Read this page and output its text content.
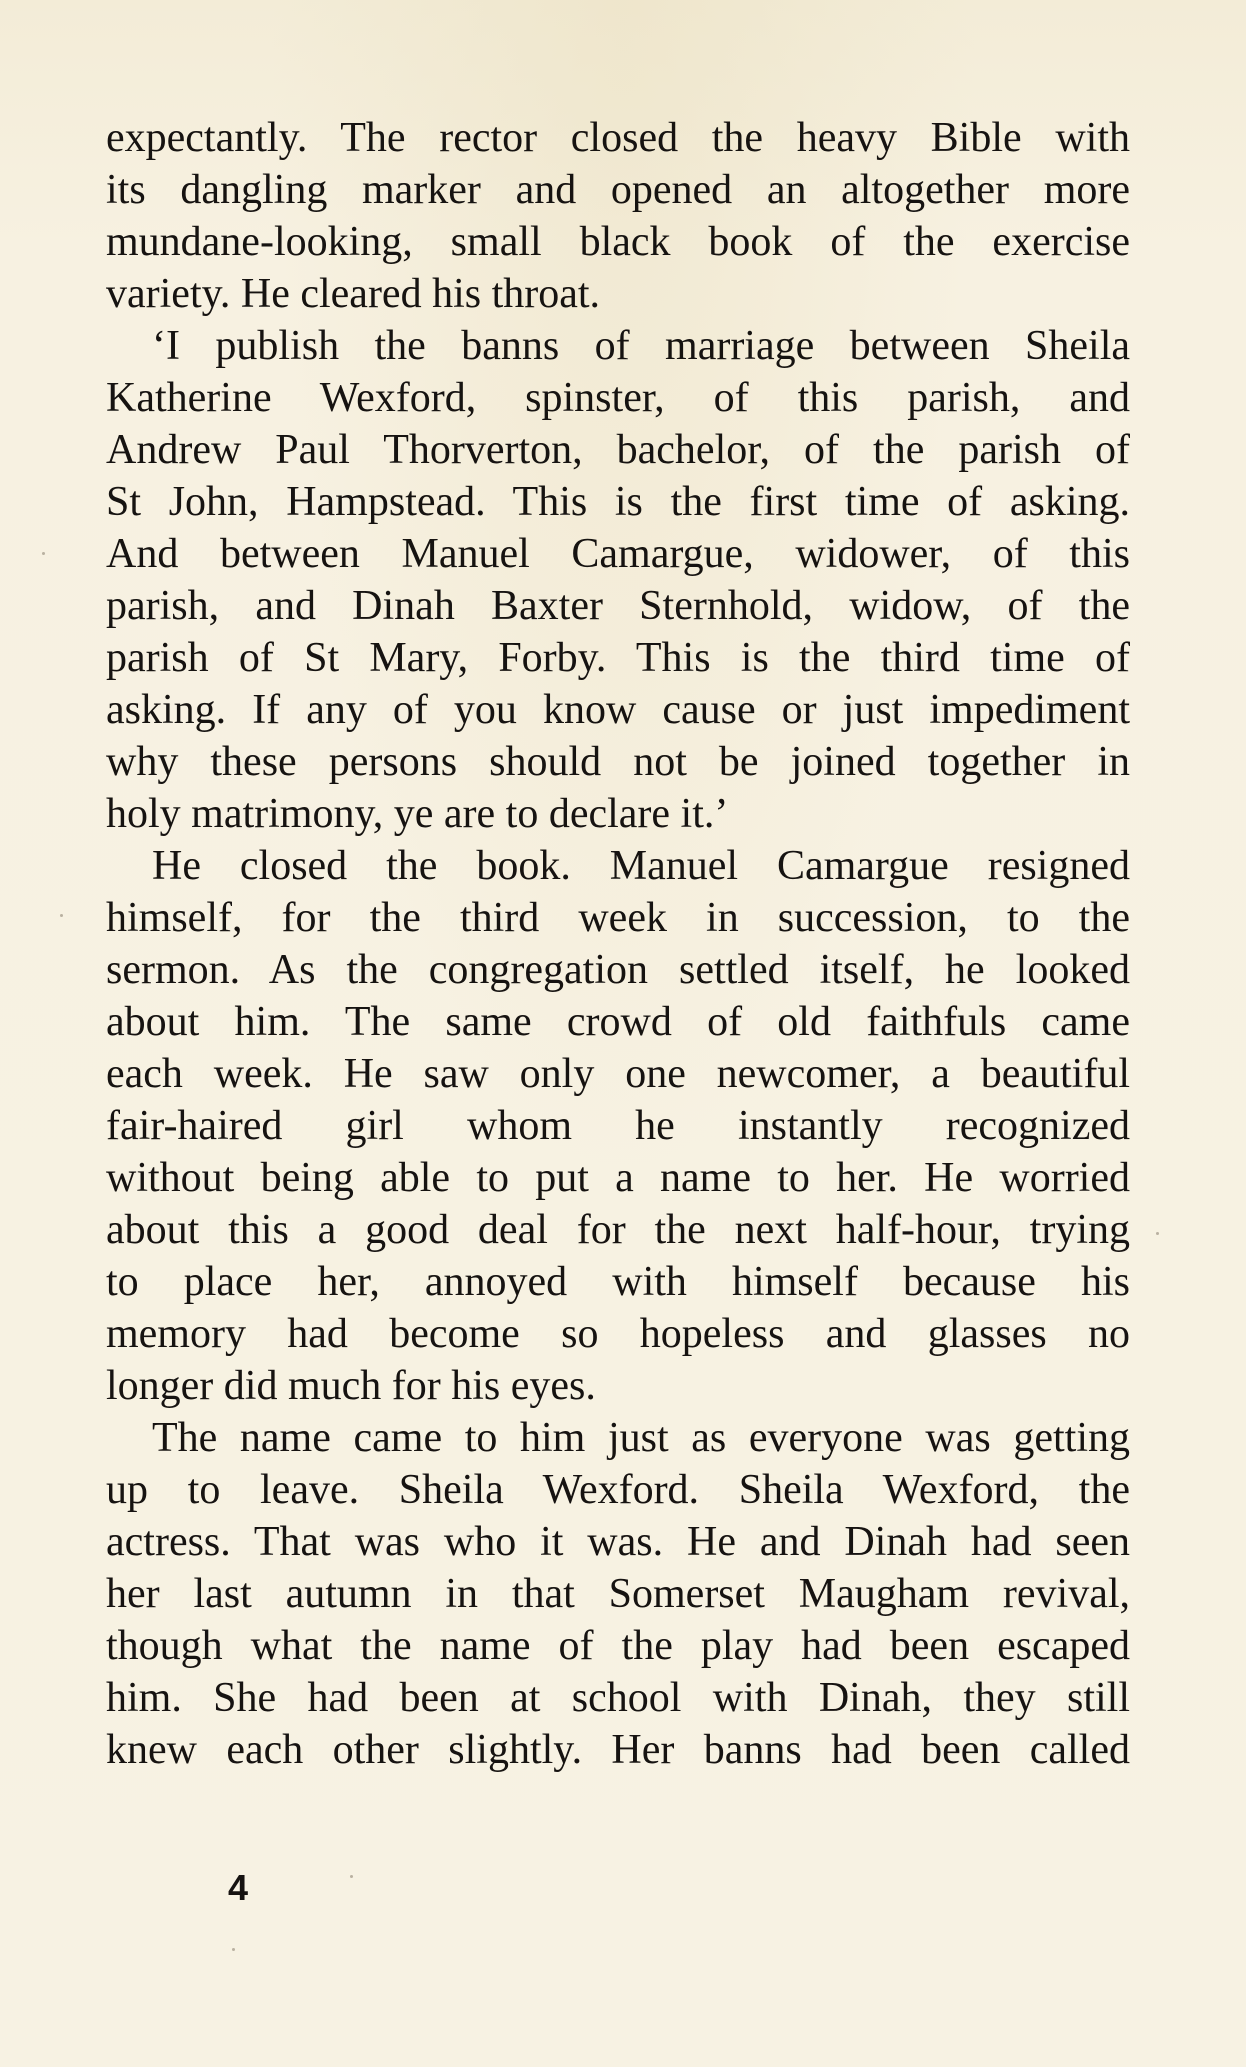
expectantly. The rector closed the heavy Bible with
its dangling marker and opened an altogether more
mundane-looking, small black book of the exercise
variety. He cleared his throat.
‘I publish the banns of marriage between Sheila
Katherine Wexford, spinster, of this parish, and
Andrew Paul Thorverton, bachelor, of the parish of
St John, Hampstead. This is the first time of asking.
And between Manuel Camargue, widower, of this
parish, and Dinah Baxter Sternhold, widow, of the
parish of St Mary, Forby. This is the third time of
asking. If any of you know cause or just impediment
why these persons should not be joined together in
holy matrimony, ye are to declare it.’
He closed the book. Manuel Camargue resigned
himself, for the third week in succession, to the
sermon. As the congregation settled itself, he looked
about him. The same crowd of old faithfuls came
each week. He saw only one newcomer, a beautiful
fair-haired girl whom he instantly recognized
without being able to put a name to her. He worried
about this a good deal for the next half-hour, trying
to place her, annoyed with himself because his
memory had become so hopeless and glasses no
longer did much for his eyes.
The name came to him just as everyone was getting
up to leave. Sheila Wexford. Sheila Wexford, the
actress. That was who it was. He and Dinah had seen
her last autumn in that Somerset Maugham revival,
though what the name of the play had been escaped
him. She had been at school with Dinah, they still
knew each other slightly. Her banns had been called
4
